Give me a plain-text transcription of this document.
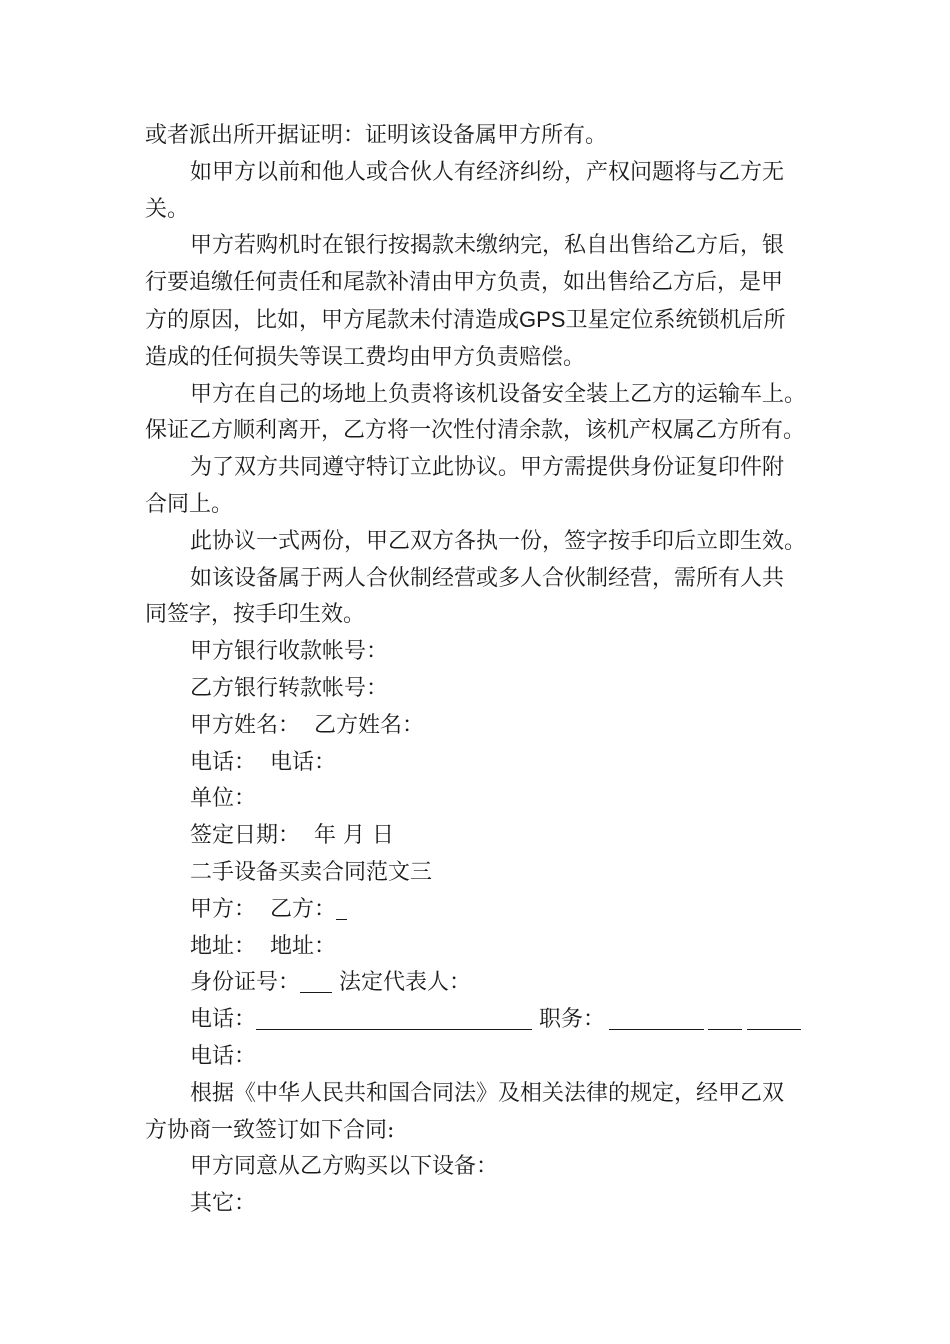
或者派出所开据证明：证明该设备属甲方所有。

如甲方以前和他人或合伙人有经济纠纷，产权问题将与乙方无

关。

甲方若购机时在银行按揭款未缴纳完，私自出售给乙方后，银

行要追缴任何责任和尾款补清由甲方负责，如出售给乙方后，是甲

方的原因，比如，甲方尾款未付清造成GPS卫星定位系统锁机后所

造成的任何损失等误工费均由甲方负责赔偿。

甲方在自己的场地上负责将该机设备安全装上乙方的运输车上。

保证乙方顺利离开，乙方将一次性付清余款，该机产权属乙方所有。

为了双方共同遵守特订立此协议。甲方需提供身份证复印件附

合同上。

此协议一式两份，甲乙双方各执一份，签字按手印后立即生效。

如该设备属于两人合伙制经营或多人合伙制经营，需所有人共

同签字，按手印生效。

甲方银行收款帐号：

乙方银行转款帐号：

甲方姓名：  乙方姓名：

电话：  电话：

单位：

签定日期：  年 月 日

二手设备买卖合同范文三

甲方：  乙方：

地址：  地址：

身份证号： 法定代表人：

电话：	职务：

电话：

根据《中华人民共和国合同法》及相关法律的规定，经甲乙双

方协商一致签订如下合同:

甲方同意从乙方购买以下设备：

其它：
